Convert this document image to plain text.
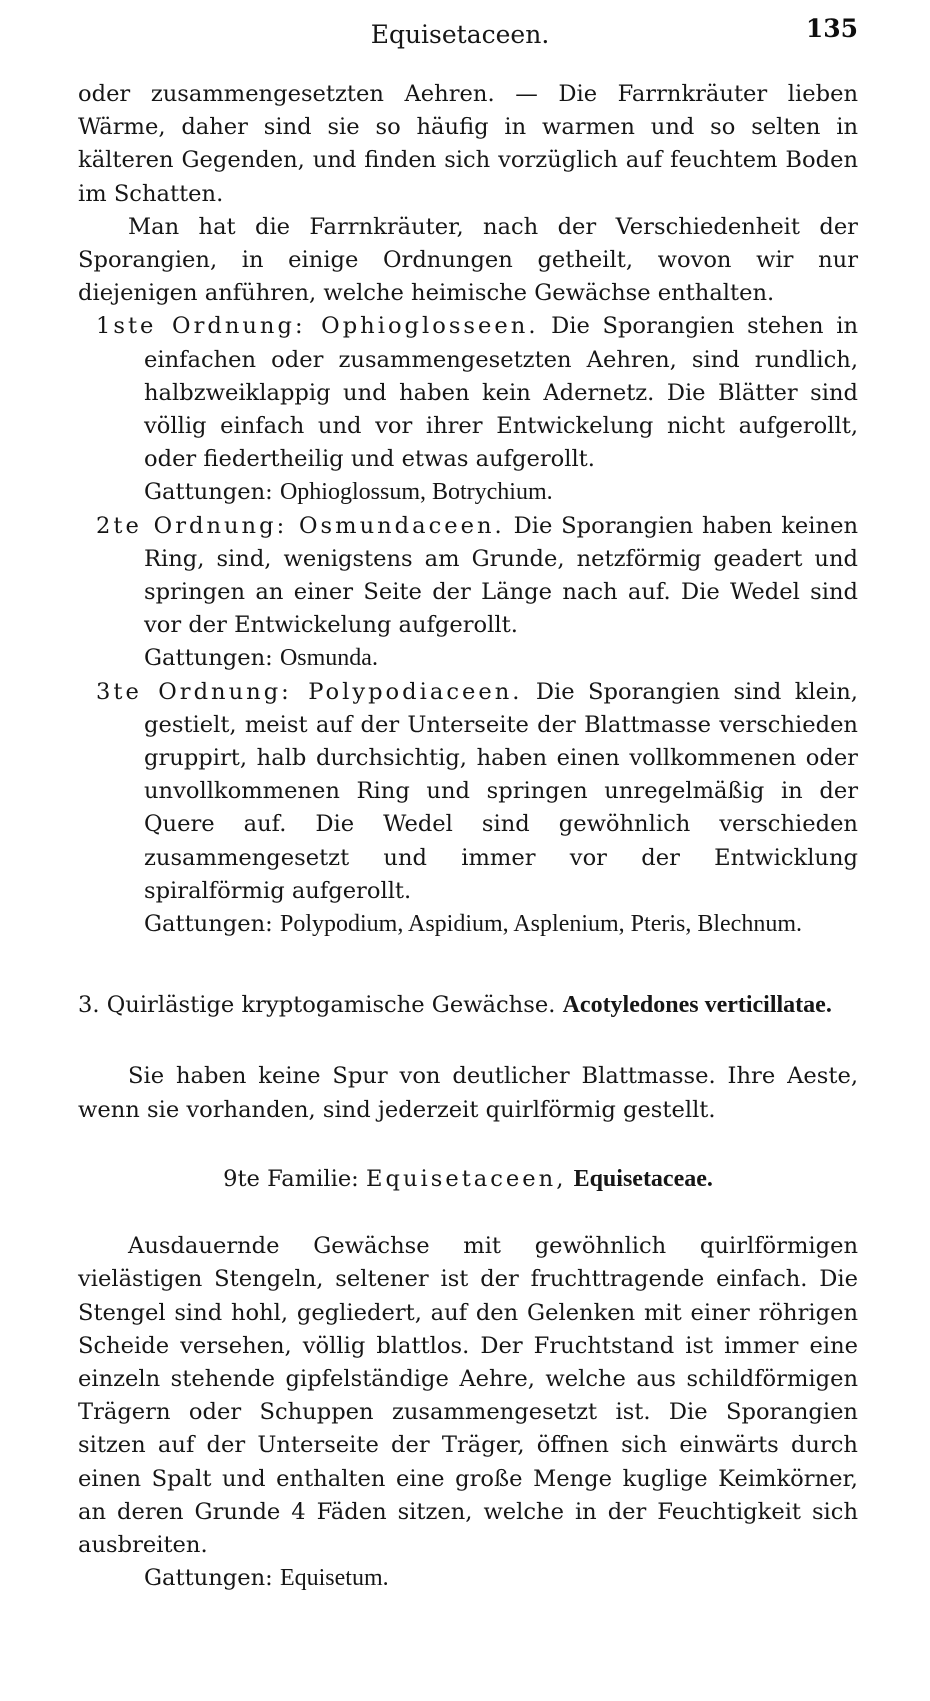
Equisetaceen.	135

oder zusammengesetzten Aehren. — Die Farrnkräuter lieben Wärme, daher sind sie so häufig in warmen und so selten in kälteren Gegenden, und finden sich vorzüglich auf feuchtem Boden im Schatten.

Man hat die Farrnkräuter, nach der Verschiedenheit der Sporangien, in einige Ordnungen getheilt, wovon wir nur diejenigen anführen, welche heimische Gewächse enthalten.

1ste Ordnung: Ophioglosseen. Die Sporangien stehen in einfachen oder zusammengesetzten Aehren, sind rundlich, halbzweiklappig und haben kein Adernetz. Die Blätter sind völlig einfach und vor ihrer Entwickelung nicht aufgerollt, oder fiedertheilig und etwas aufgerollt.

Gattungen: Ophioglossum, Botrychium.

2te Ordnung: Osmundaceen. Die Sporangien haben keinen Ring, sind, wenigstens am Grunde, netzförmig geadert und springen an einer Seite der Länge nach auf. Die Wedel sind vor der Entwickelung aufgerollt.

Gattungen: Osmunda.

3te Ordnung: Polypodiaceen. Die Sporangien sind klein, gestielt, meist auf der Unterseite der Blattmasse verschieden gruppirt, halb durchsichtig, haben einen vollkommenen oder unvollkommenen Ring und springen unregelmäßig in der Quere auf. Die Wedel sind gewöhnlich verschieden zusammengesetzt und immer vor der Entwicklung spiralförmig aufgerollt.

Gattungen: Polypodium, Aspidium, Asplenium, Pteris, Blechnum.

3. Quirlästige kryptogamische Gewächse. Acotyledones verticillatae.

Sie haben keine Spur von deutlicher Blattmasse. Ihre Aeste, wenn sie vorhanden, sind jederzeit quirlförmig gestellt.

9te Familie: Equisetaceen, Equisetaceae.

Ausdauernde Gewächse mit gewöhnlich quirlförmigen vielästigen Stengeln, seltener ist der fruchttragende einfach. Die Stengel sind hohl, gegliedert, auf den Gelenken mit einer röhrigen Scheide versehen, völlig blattlos. Der Fruchtstand ist immer eine einzeln stehende gipfelständige Aehre, welche aus schildförmigen Trägern oder Schuppen zusammengesetzt ist. Die Sporangien sitzen auf der Unterseite der Träger, öffnen sich einwärts durch einen Spalt und enthalten eine große Menge kuglige Keimkörner, an deren Grunde 4 Fäden sitzen, welche in der Feuchtigkeit sich ausbreiten.

Gattungen: Equisetum.
